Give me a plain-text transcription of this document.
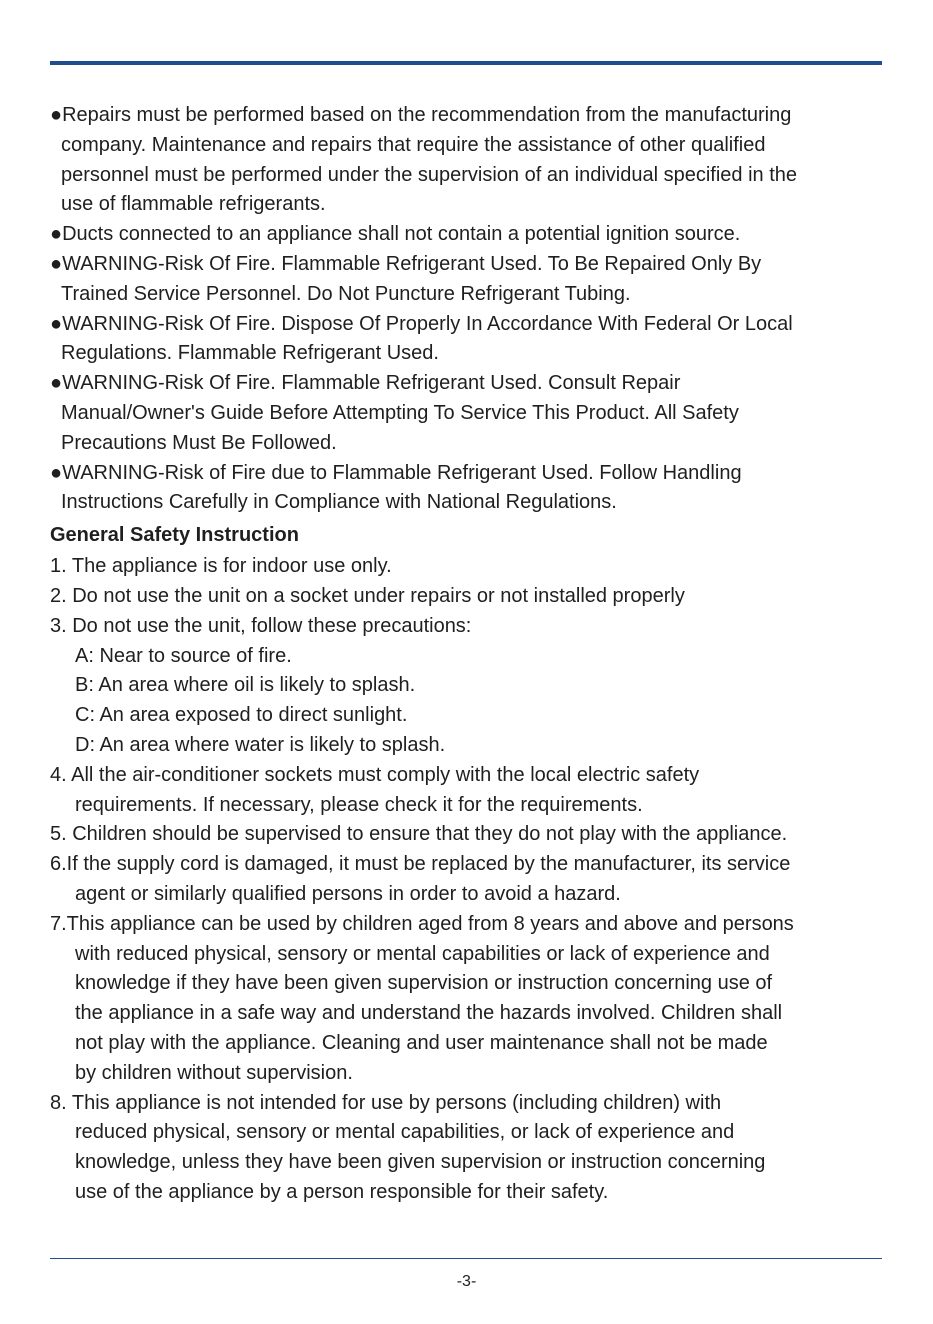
●Repairs must be performed based on the recommendation from the manufacturing
company. Maintenance and repairs that require the assistance of other qualified
personnel must be performed under the supervision of an individual specified in the
use of flammable refrigerants.
●Ducts connected to an appliance shall not contain a potential ignition source.
●WARNING-Risk Of Fire. Flammable Refrigerant Used. To Be Repaired Only By
Trained Service Personnel. Do Not Puncture Refrigerant Tubing.
●WARNING-Risk Of Fire. Dispose Of Properly In Accordance With Federal Or Local
Regulations. Flammable Refrigerant Used.
●WARNING-Risk Of Fire. Flammable Refrigerant Used. Consult Repair
Manual/Owner's Guide Before Attempting To Service This Product. All Safety
Precautions Must Be Followed.
●WARNING-Risk of Fire due to Flammable Refrigerant Used. Follow Handling
Instructions Carefully in Compliance with National Regulations.
General Safety Instruction
1. The appliance is for indoor use only.
2. Do not use the unit on a socket under repairs or not installed properly
3. Do not use the unit, follow these precautions:
A: Near to source of fire.
B: An area where oil is likely to splash.
C: An area exposed to direct sunlight.
D: An area where water is likely to splash.
4. All the air-conditioner sockets must comply with the local electric safety
requirements. If necessary, please check it for the requirements.
5. Children should be supervised to ensure that they do not play with the appliance.
6.If the supply cord is damaged, it must be replaced by the manufacturer, its service
agent or similarly qualified persons in order to avoid a hazard.
7.This appliance can be used by children aged from 8 years and above and persons
with reduced physical, sensory or mental capabilities or lack of experience and
knowledge if they have been given supervision or instruction concerning use of
the appliance in a safe way and understand the hazards involved. Children shall
not play with the appliance. Cleaning and user maintenance shall not be made
by children without supervision.
8. This appliance is not intended for use by persons (including children) with
reduced physical, sensory or mental capabilities, or lack of experience and
knowledge, unless they have been given supervision or instruction concerning
use of the appliance by a person responsible for their safety.
-3-
